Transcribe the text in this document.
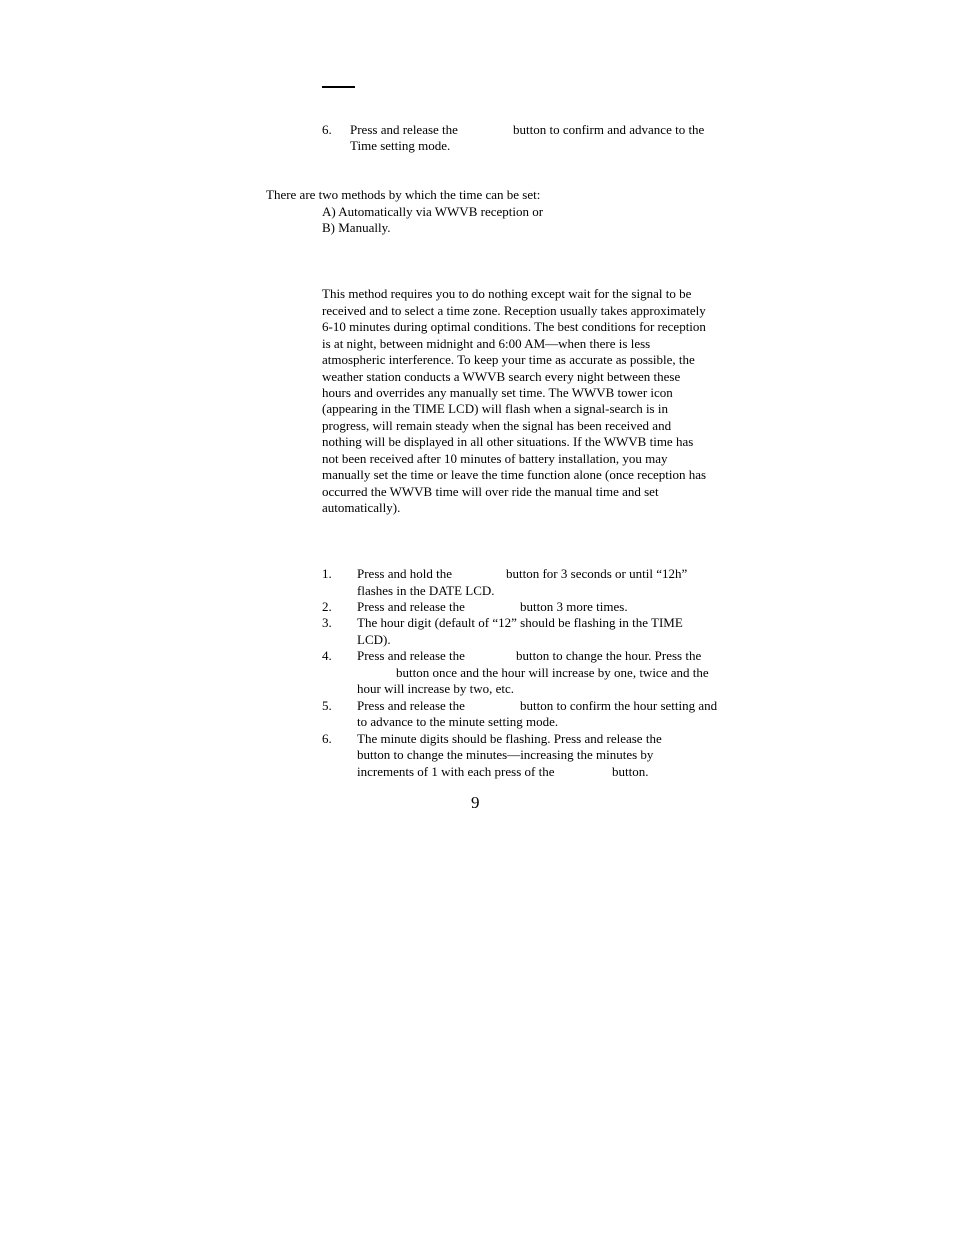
6. Press and release the	button to confirm and advance to the
Time setting mode.
There are two methods by which the time can be set:
A) Automatically via WWVB reception or
B) Manually.
This method requires you to do nothing except wait for the signal to be
received and to select a time zone. Reception usually takes approximately
6-10 minutes during optimal conditions. The best conditions for reception
is at night, between midnight and 6:00 AM—when there is less
atmospheric interference. To keep your time as accurate as possible, the
weather station conducts a WWVB search every night between these
hours and overrides any manually set time. The WWVB tower icon
(appearing in the TIME LCD) will flash when a signal-search is in
progress, will remain steady when the signal has been received and
nothing will be displayed in all other situations. If the WWVB time has
not been received after 10 minutes of battery installation, you may
manually set the time or leave the time function alone (once reception has
occurred the WWVB time will over ride the manual time and set
automatically).
1. Press and hold the	button for 3 seconds or until “12h”
flashes in the DATE LCD.
2. Press and release the	button 3 more times.
3. The hour digit (default of “12” should be flashing in the TIME
LCD).
4. Press and release the	button to change the hour. Press the
button once and the hour will increase by one, twice and the
hour will increase by two, etc.
5. Press and release the	button to confirm the hour setting and
to advance to the minute setting mode.
6. The minute digits should be flashing. Press and release the
button to change the minutes—increasing the minutes by
increments of 1 with each press of the	button.
9
